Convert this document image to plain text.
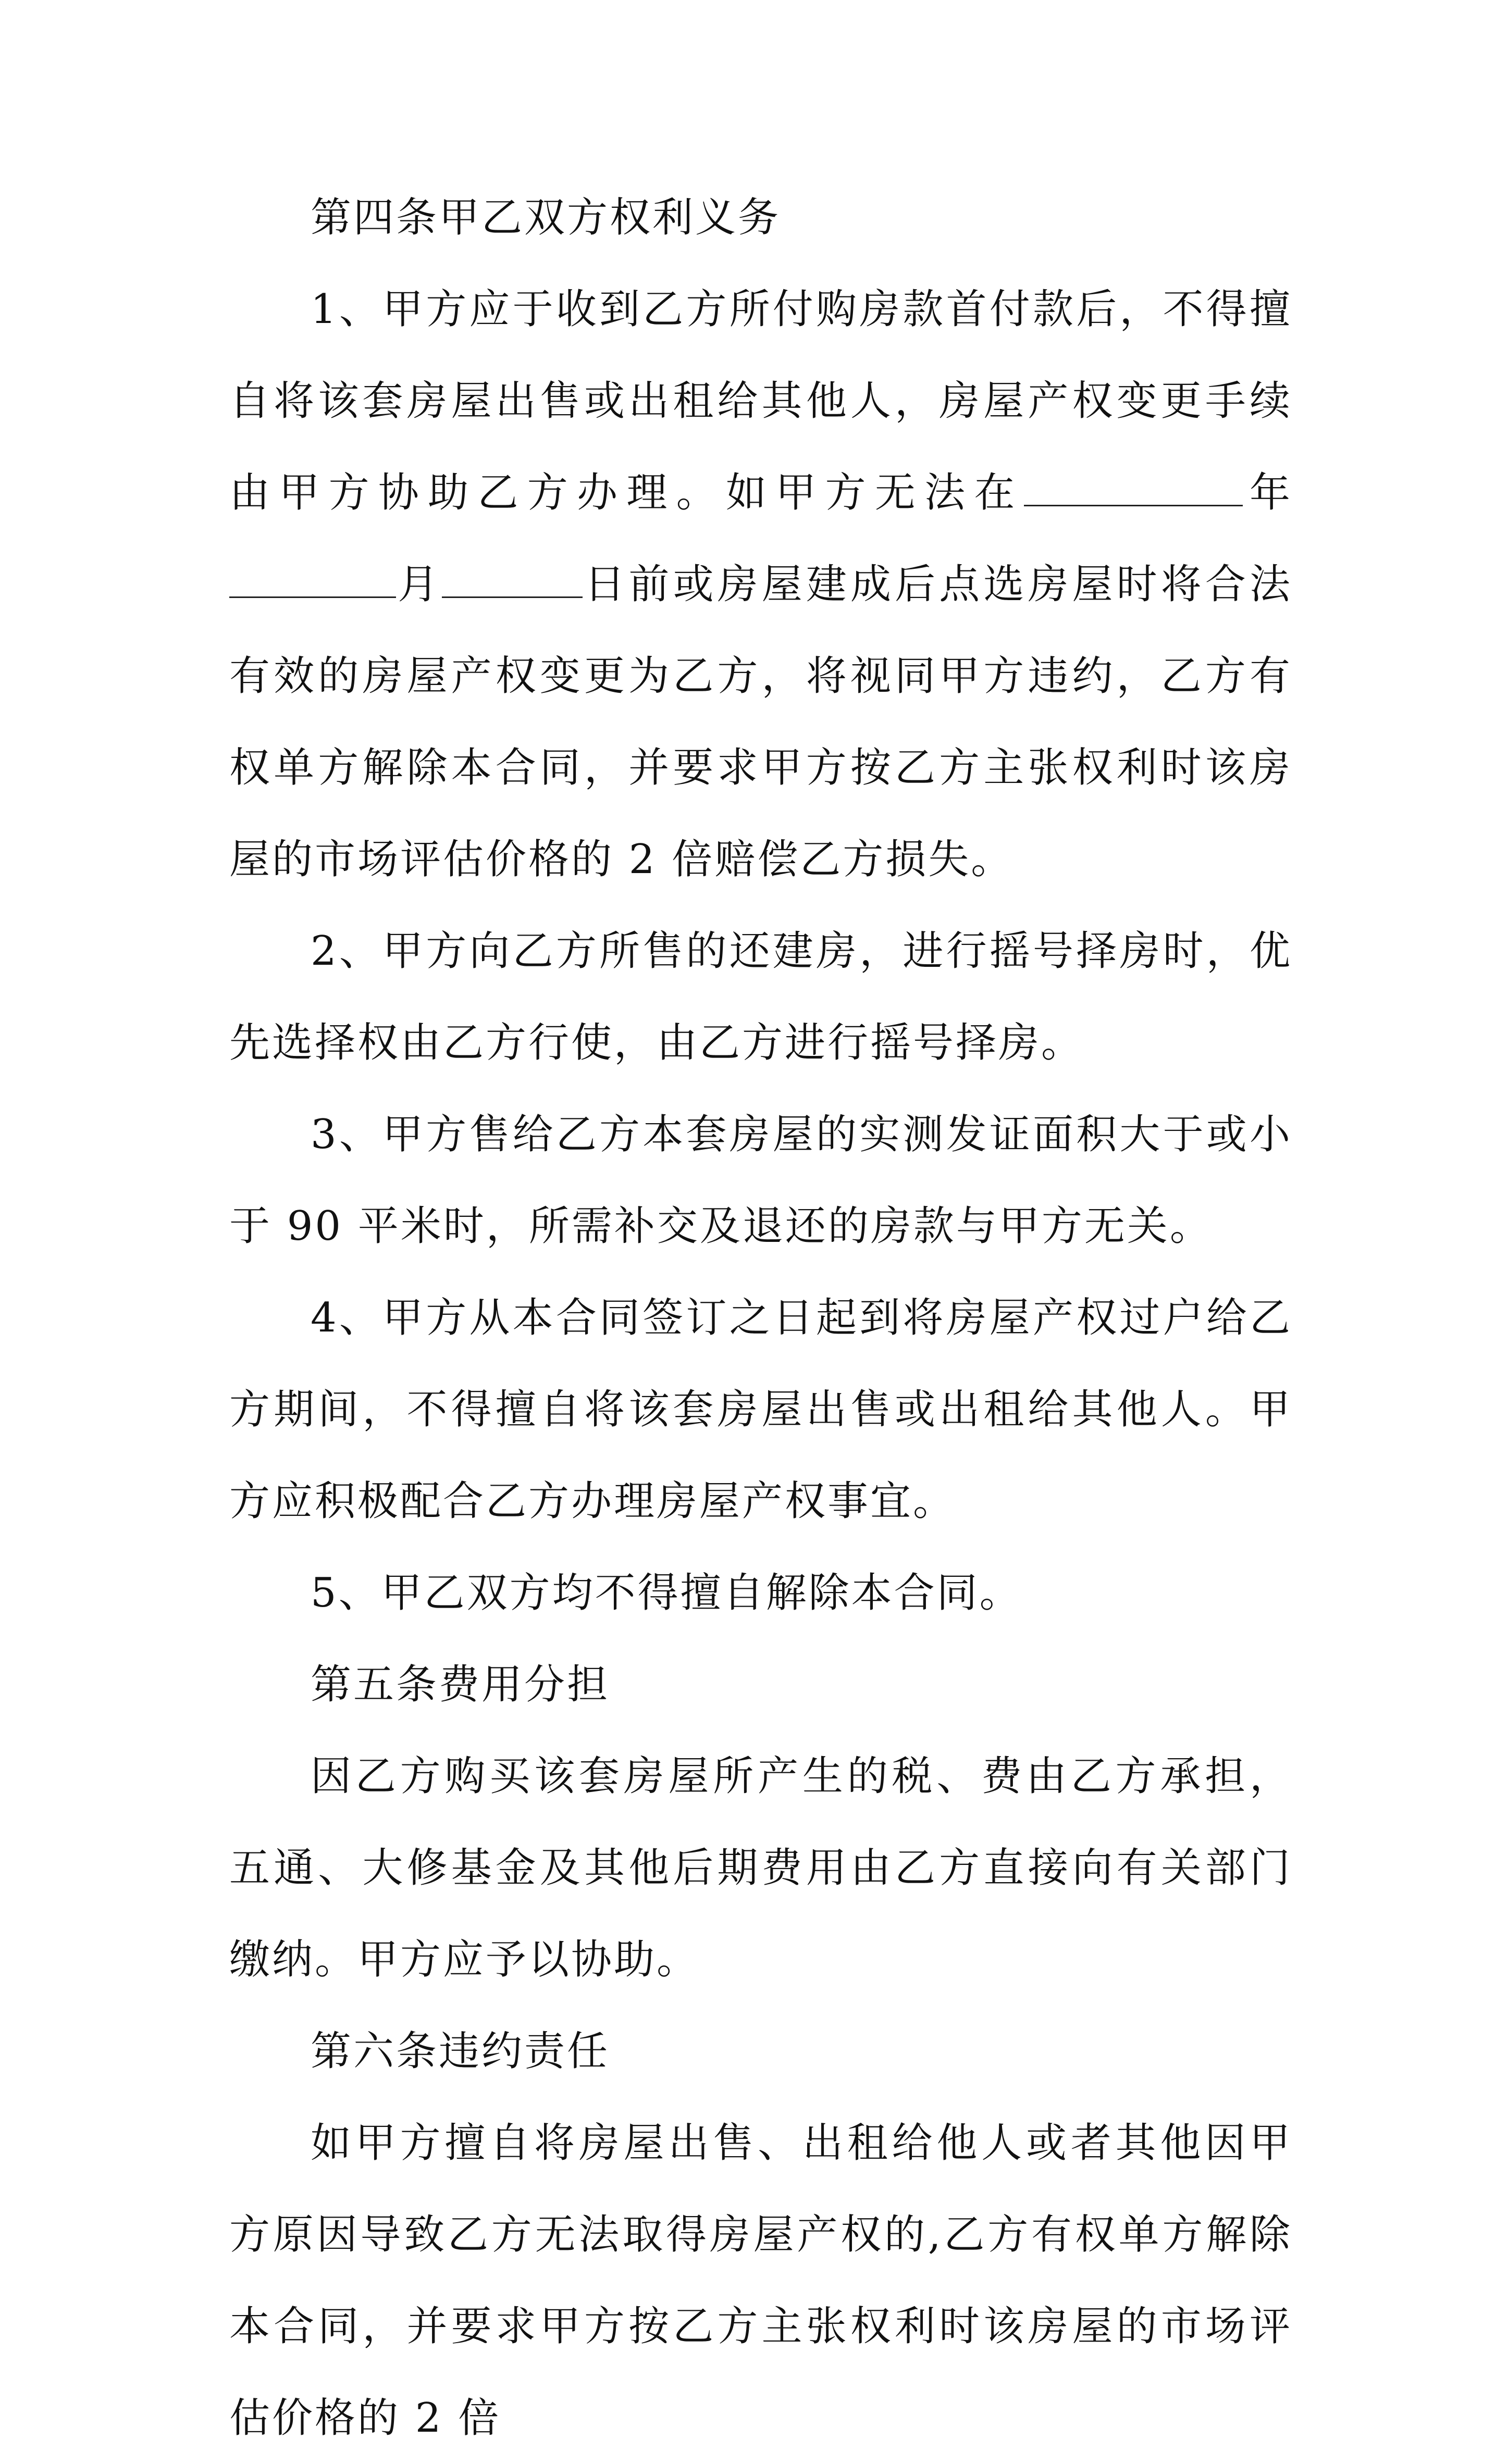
第四条甲乙双方权利义务

1、甲方应于收到乙方所付购房款首付款后，不得擅自将该套房屋出售或出租给其他人，房屋产权变更手续由甲方协助乙方办理。如甲方无法在	年月	日前或房屋建成后点选房屋时将合法有效的房屋产权变更为乙方，将视同甲方违约，乙方有权单方解除本合同，并要求甲方按乙方主张权利时该房屋的市场评估价格的 2 倍赔偿乙方损失。

2、甲方向乙方所售的还建房，进行摇号择房时，优先选择权由乙方行使，由乙方进行摇号择房。

3、甲方售给乙方本套房屋的实测发证面积大于或小于 90 平米时，所需补交及退还的房款与甲方无关。

4、甲方从本合同签订之日起到将房屋产权过户给乙方期间，不得擅自将该套房屋出售或出租给其他人。甲方应积极配合乙方办理房屋产权事宜。

5、甲乙双方均不得擅自解除本合同。

第五条费用分担

因乙方购买该套房屋所产生的税、费由乙方承担，五通、大修基金及其他后期费用由乙方直接向有关部门缴纳。甲方应予以协助。

第六条违约责任

如甲方擅自将房屋出售、出租给他人或者其他因甲方原因导致乙方无法取得房屋产权的,乙方有权单方解除本合同，并要求甲方按乙方主张权利时该房屋的市场评估价格的 2 倍
